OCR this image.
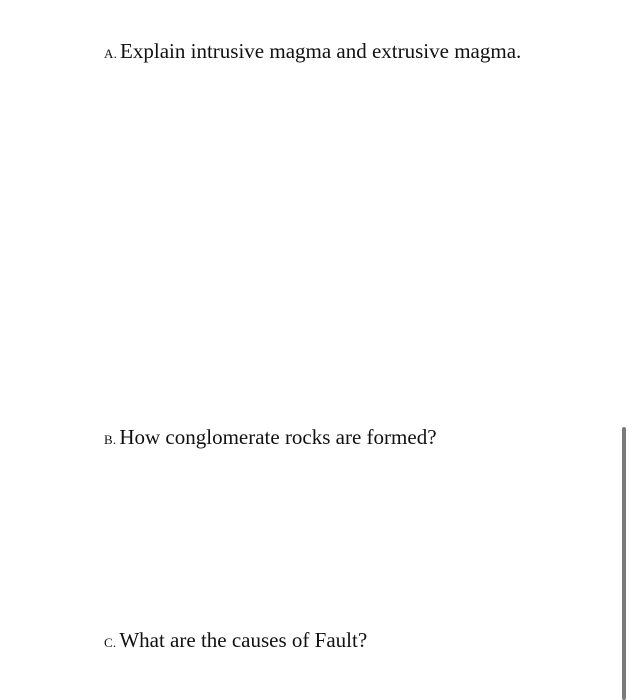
A. Explain intrusive magma and extrusive magma.
B. How conglomerate rocks are formed?
C. What are the causes of Fault?
